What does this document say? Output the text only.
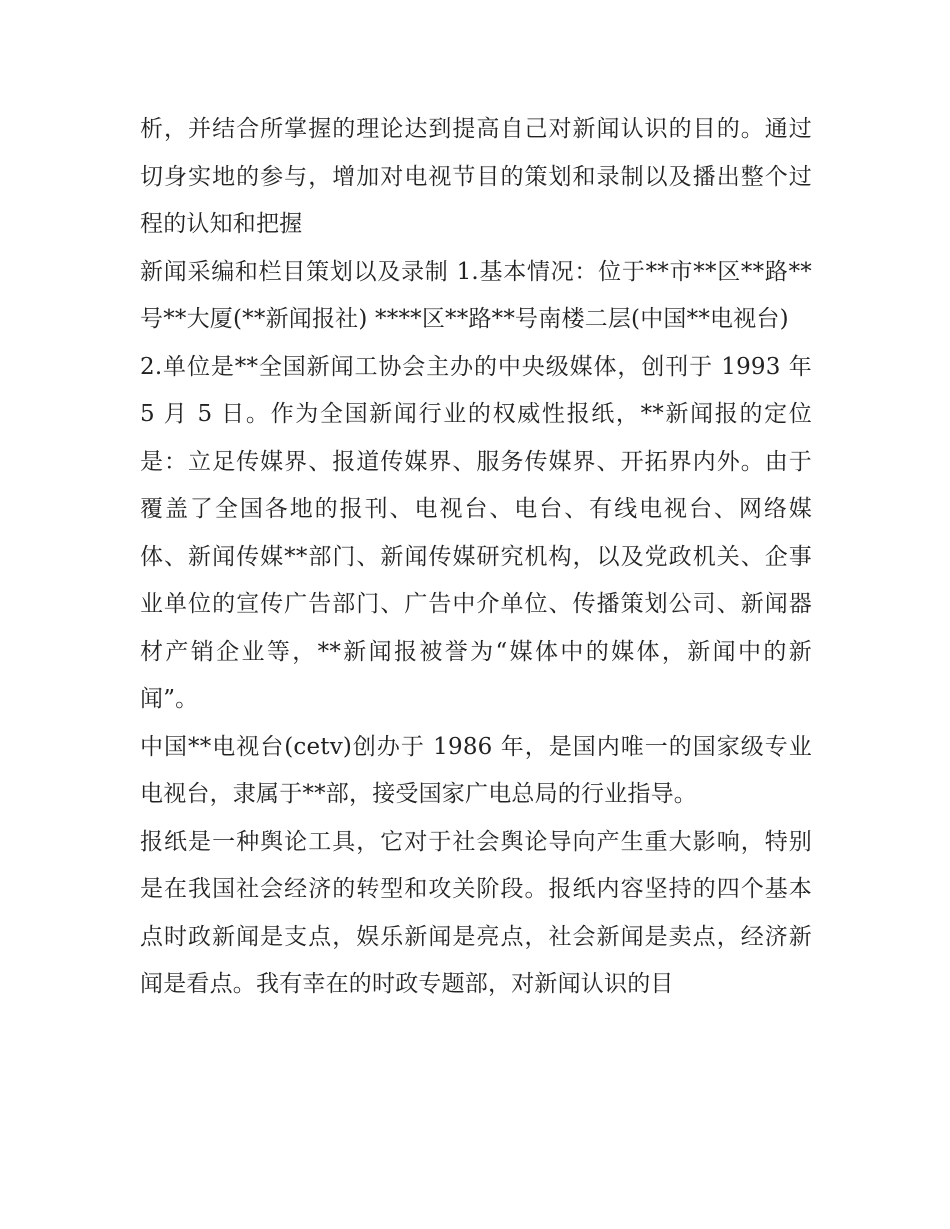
析，并结合所掌握的理论达到提高自己对新闻认识的目的。通过切身实地的参与，增加对电视节目的策划和录制以及播出整个过程的认知和把握

新闻采编和栏目策划以及录制 1.基本情况：位于**市**区**路**号**大厦(**新闻报社) ****区**路**号南楼二层(中国**电视台)

2.单位是**全国新闻工协会主办的中央级媒体，创刊于 1993 年 5 月 5 日。作为全国新闻行业的权威性报纸，**新闻报的定位是：立足传媒界、报道传媒界、服务传媒界、开拓界内外。由于覆盖了全国各地的报刊、电视台、电台、有线电视台、网络媒体、新闻传媒**部门、新闻传媒研究机构，以及党政机关、企事业单位的宣传广告部门、广告中介单位、传播策划公司、新闻器材产销企业等，**新闻报被誉为“媒体中的媒体，新闻中的新闻”。

中国**电视台(cetv)创办于 1986 年，是国内唯一的国家级专业电视台，隶属于**部，接受国家广电总局的行业指导。

报纸是一种舆论工具，它对于社会舆论导向产生重大影响，特别是在我国社会经济的转型和攻关阶段。报纸内容坚持的四个基本点时政新闻是支点，娱乐新闻是亮点，社会新闻是卖点，经济新闻是看点。我有幸在的时政专题部，对新闻认识的目
